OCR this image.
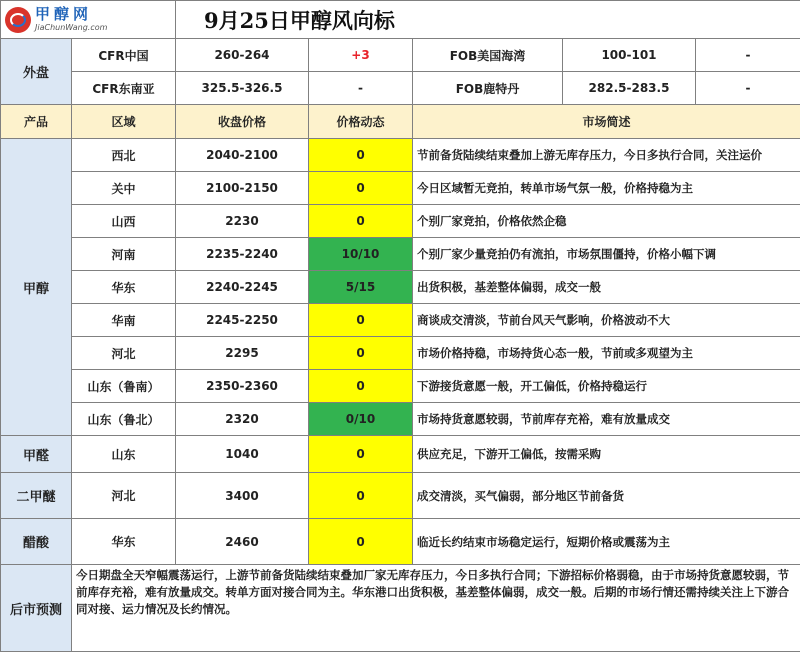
甲醇网
JiaChunWang.com		9月25日甲醇风向标				
外盘	CFR中国	260-264	+3	FOB美国海湾	100-101	-
	CFR东南亚	325.5-326.5	-	FOB鹿特丹	282.5-283.5	-
产品	区域	收盘价格	价格动态	市场简述		
甲醇	西北	2040-2100	0	节前备货陆续结束叠加上游无库存压力，今日多执行合同，关注运价		
	关中	2100-2150	0	今日区域暂无竞拍，转单市场气氛一般，价格持稳为主		
	山西	2230	0	个别厂家竞拍，价格依然企稳		
	河南	2235-2240	10/10	个别厂家少量竞拍仍有流拍，市场氛围僵持，价格小幅下调		
	华东	2240-2245	5/15	出货积极，基差整体偏弱，成交一般		
	华南	2245-2250	0	商谈成交清淡，节前台风天气影响，价格波动不大		
	河北	2295	0	市场价格持稳，市场持货心态一般，节前或多观望为主		
	山东（鲁南）	2350-2360	0	下游接货意愿一般，开工偏低，价格持稳运行		
	山东（鲁北）	2320	0/10	市场持货意愿较弱，节前库存充裕，难有放量成交		
甲醛	山东	1040	0	供应充足，下游开工偏低，按需采购		
二甲醚	河北	3400	0	成交清淡，买气偏弱，部分地区节前备货		
醋酸	华东	2460	0	临近长约结束市场稳定运行，短期价格或震荡为主		
后市预测	今日期盘全天窄幅震荡运行，上游节前备货陆续结束叠加厂家无库存压力，今日多执行合同；下游招标价格弱稳，由于市场持货意愿较弱，节前库存充裕，难有放量成交。转单方面对接合同为主。华东港口出货积极，基差整体偏弱，成交一般。后期的市场行情还需持续关注上下游合同对接、运力情况及长约情况。					
